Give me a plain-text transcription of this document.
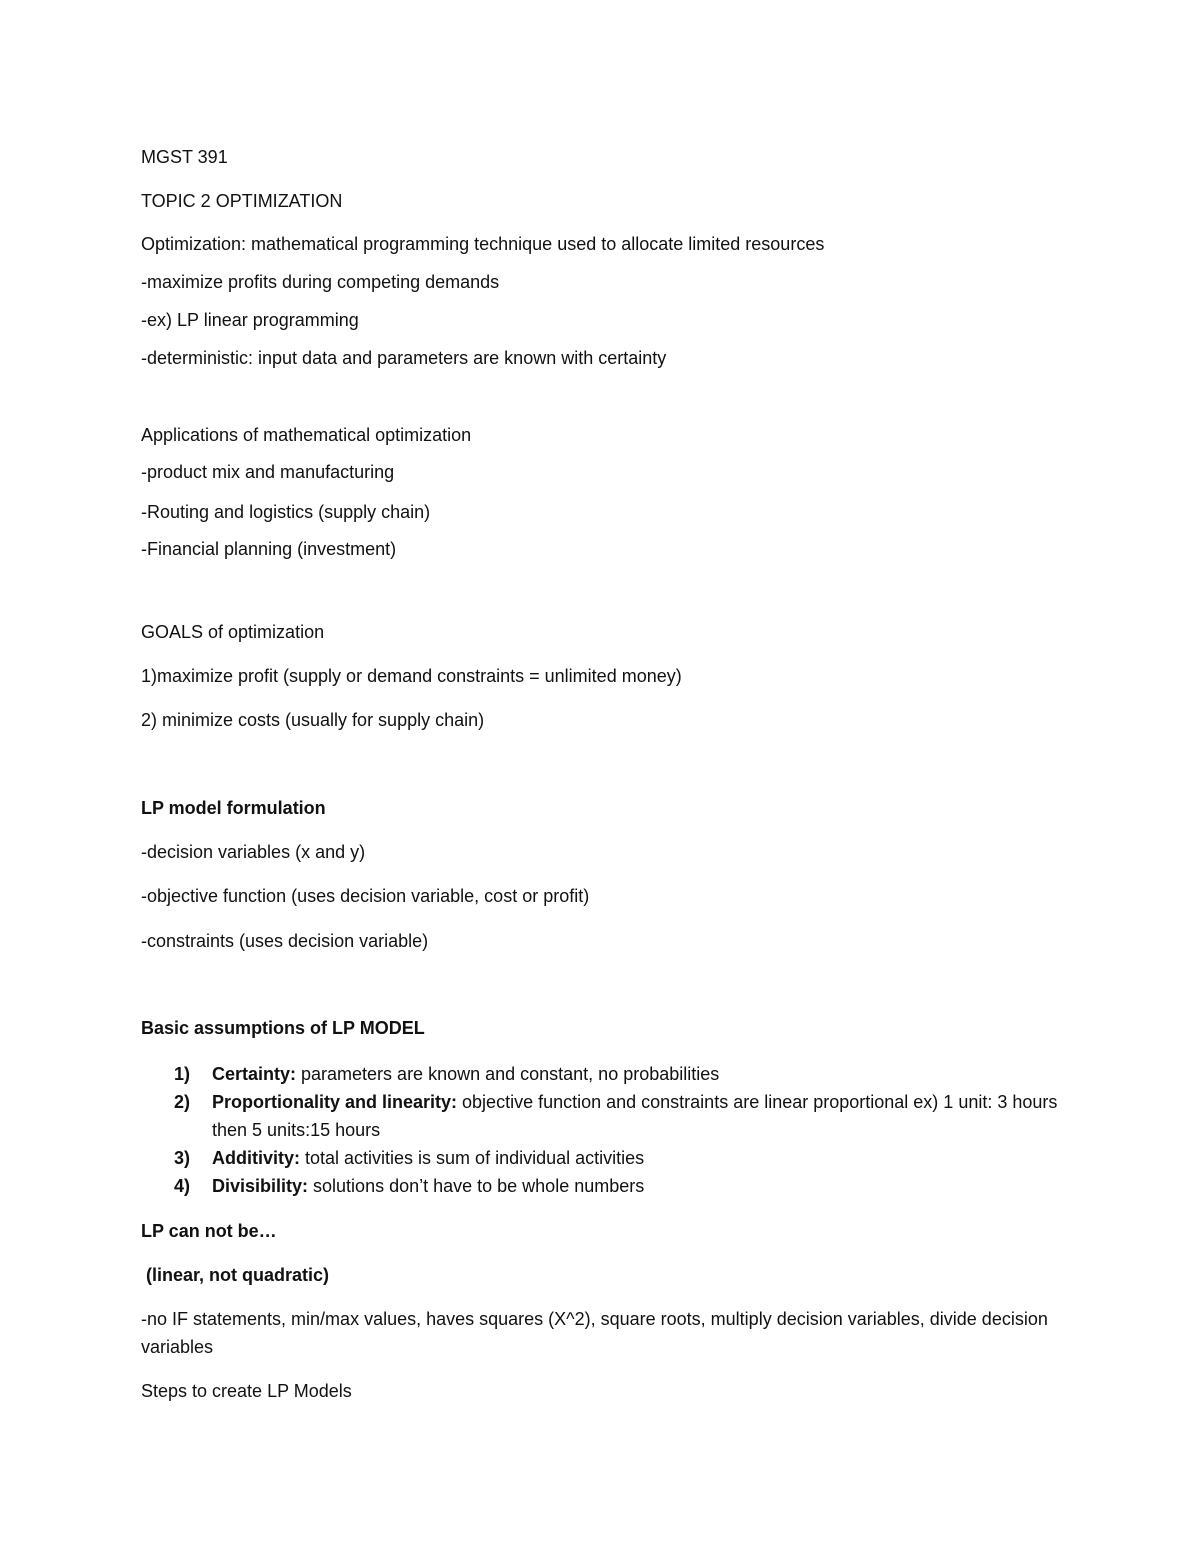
MGST 391
TOPIC 2 OPTIMIZATION
Optimization: mathematical programming technique used to allocate limited resources
-maximize profits during competing demands
-ex) LP linear programming
-deterministic: input data and parameters are known with certainty
Applications of mathematical optimization
-product mix and manufacturing
-Routing and logistics (supply chain)
-Financial planning (investment)
GOALS of optimization
1)maximize profit (supply or demand constraints = unlimited money)
2) minimize costs (usually for supply chain)
LP model formulation
-decision variables (x and y)
-objective function (uses decision variable, cost or profit)
-constraints (uses decision variable)
Basic assumptions of LP MODEL
1) Certainty: parameters are known and constant, no probabilities
2) Proportionality and linearity: objective function and constraints are linear proportional ex) 1 unit: 3 hours then 5 units:15 hours
3) Additivity: total activities is sum of individual activities
4) Divisibility: solutions don’t have to be whole numbers
LP can not be…
(linear, not quadratic)
-no IF statements, min/max values, haves squares (X^2), square roots, multiply decision variables, divide decision variables
Steps to create LP Models
